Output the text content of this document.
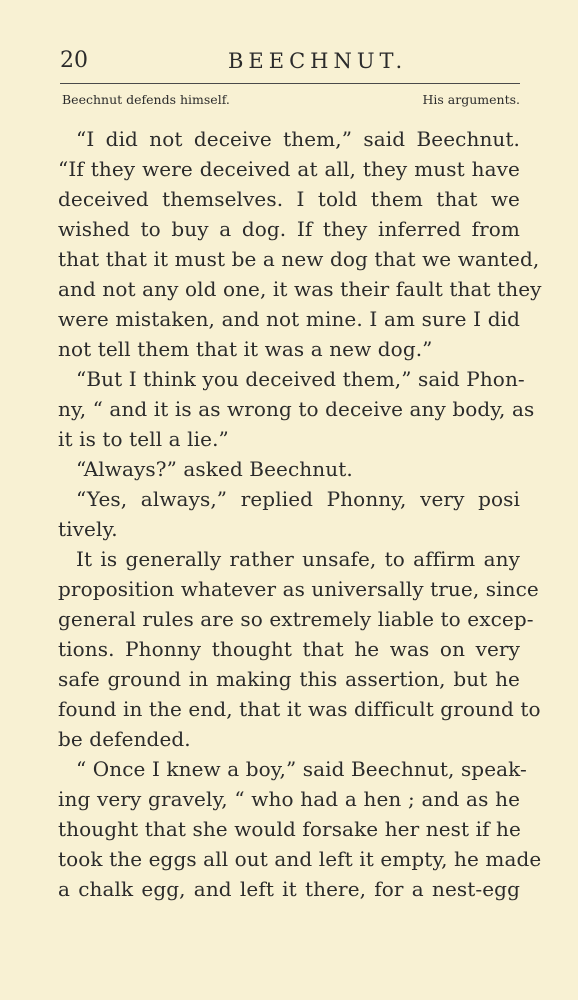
20	BEECHNUT.
Beechnut defends himself.	His arguments.
“I did not deceive them,” said Beechnut.
“If they were deceived at all, they must have
deceived themselves. I told them that we
wished to buy a dog. If they inferred from
that that it must be a new dog that we wanted,
and not any old one, it was their fault that they
were mistaken, and not mine. I am sure I did
not tell them that it was a new dog.”
“But I think you deceived them,” said Phon-
ny, “ and it is as wrong to deceive any body, as
it is to tell a lie.”
“Always?” asked Beechnut.
“Yes, always,” replied Phonny, very posi
tively.
It is generally rather unsafe, to affirm any
proposition whatever as universally true, since
general rules are so extremely liable to excep-
tions. Phonny thought that he was on very
safe ground in making this assertion, but he
found in the end, that it was difficult ground to
be defended.
“ Once I knew a boy,” said Beechnut, speak-
ing very gravely, “ who had a hen ; and as he
thought that she would forsake her nest if he
took the eggs all out and left it empty, he made
a chalk egg, and left it there, for a nest-egg
